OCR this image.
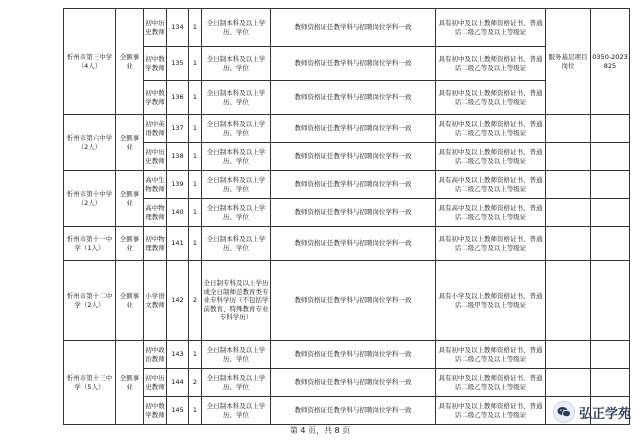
忻州市第三中学（4人）	全额事业	初中历史教师	134	1	全日制本科及以上学历、学位	教师资格证任教学科与招聘岗位学科一致	具有初中及以上教师资格证书、普通话二级乙等及以上等级证	服务基层项目岗位	0350-2023825
		初中数学教师	135	1	全日制本科及以上学历、学位	教师资格证任教学科与招聘岗位学科一致	具有初中及以上教师资格证书、普通话二级乙等及以上等级证		
		初中数学教师	136	1	全日制本科及以上学历、学位	教师资格证任教学科与招聘岗位学科一致	具有初中及以上教师资格证书、普通话二级乙等及以上等级证		
忻州市第六中学（2人）	全额事业	初中英语教师	137	1	全日制本科及以上学历、学位	教师资格证任教学科与招聘岗位学科一致	具有初中及以上教师资格证书、普通话二级乙等及以上等级证		
		初中历史教师	138	1	全日制本科及以上学历、学位	教师资格证任教学科与招聘岗位学科一致	具有初中及以上教师资格证书、普通话二级乙等及以上等级证		
忻州市第十中学（2人）	全额事业	高中生物教师	139	1	全日制本科及以上学历、学位	教师资格证任教学科与招聘岗位学科一致	具有高中及以上教师资格证书、普通话二级乙等及以上等级证		
		高中物理教师	140	1	全日制本科及以上学历、学位	教师资格证任教学科与招聘岗位学科一致	具有高中及以上教师资格证书、普通话二级乙等及以上等级证		
忻州市第十一中学（1人）	全额事业	初中物理教师	141	1	全日制本科及以上学历、学位	教师资格证任教学科与招聘岗位学科一致	具有初中及以上教师资格证书、普通话二级乙等及以上等级证		
忻州市第十二中学（2人）	全额事业	小学语文教师	142	2	全日制专科及以上学历或全日制师范教育类专业专科学历（不包括学前教育、特殊教育专业专科学历）	教师资格证任教学科与招聘岗位学科一致	具有小学及以上教师资格证书、普通话二级甲等及以上等级证		
忻州市第十三中学（5人）	全额事业	初中政治教师	143	1	全日制本科及以上学历、学位	教师资格证任教学科与招聘岗位学科一致	具有初中及以上教师资格证书、普通话二级乙等及以上等级证		
		初中历史教师	144	2	全日制本科及以上学历、学位	教师资格证任教学科与招聘岗位学科一致	具有初中及以上教师资格证书、普通话二级乙等及以上等级证		
		初中数学教师	145	1	全日制本科及以上学历、学位	教师资格证任教学科与招聘岗位学科一致	具有初中及以上教师资格证书、普通话二级乙等及以上等级证		
第 4 页，共 8 页
弘正学苑
